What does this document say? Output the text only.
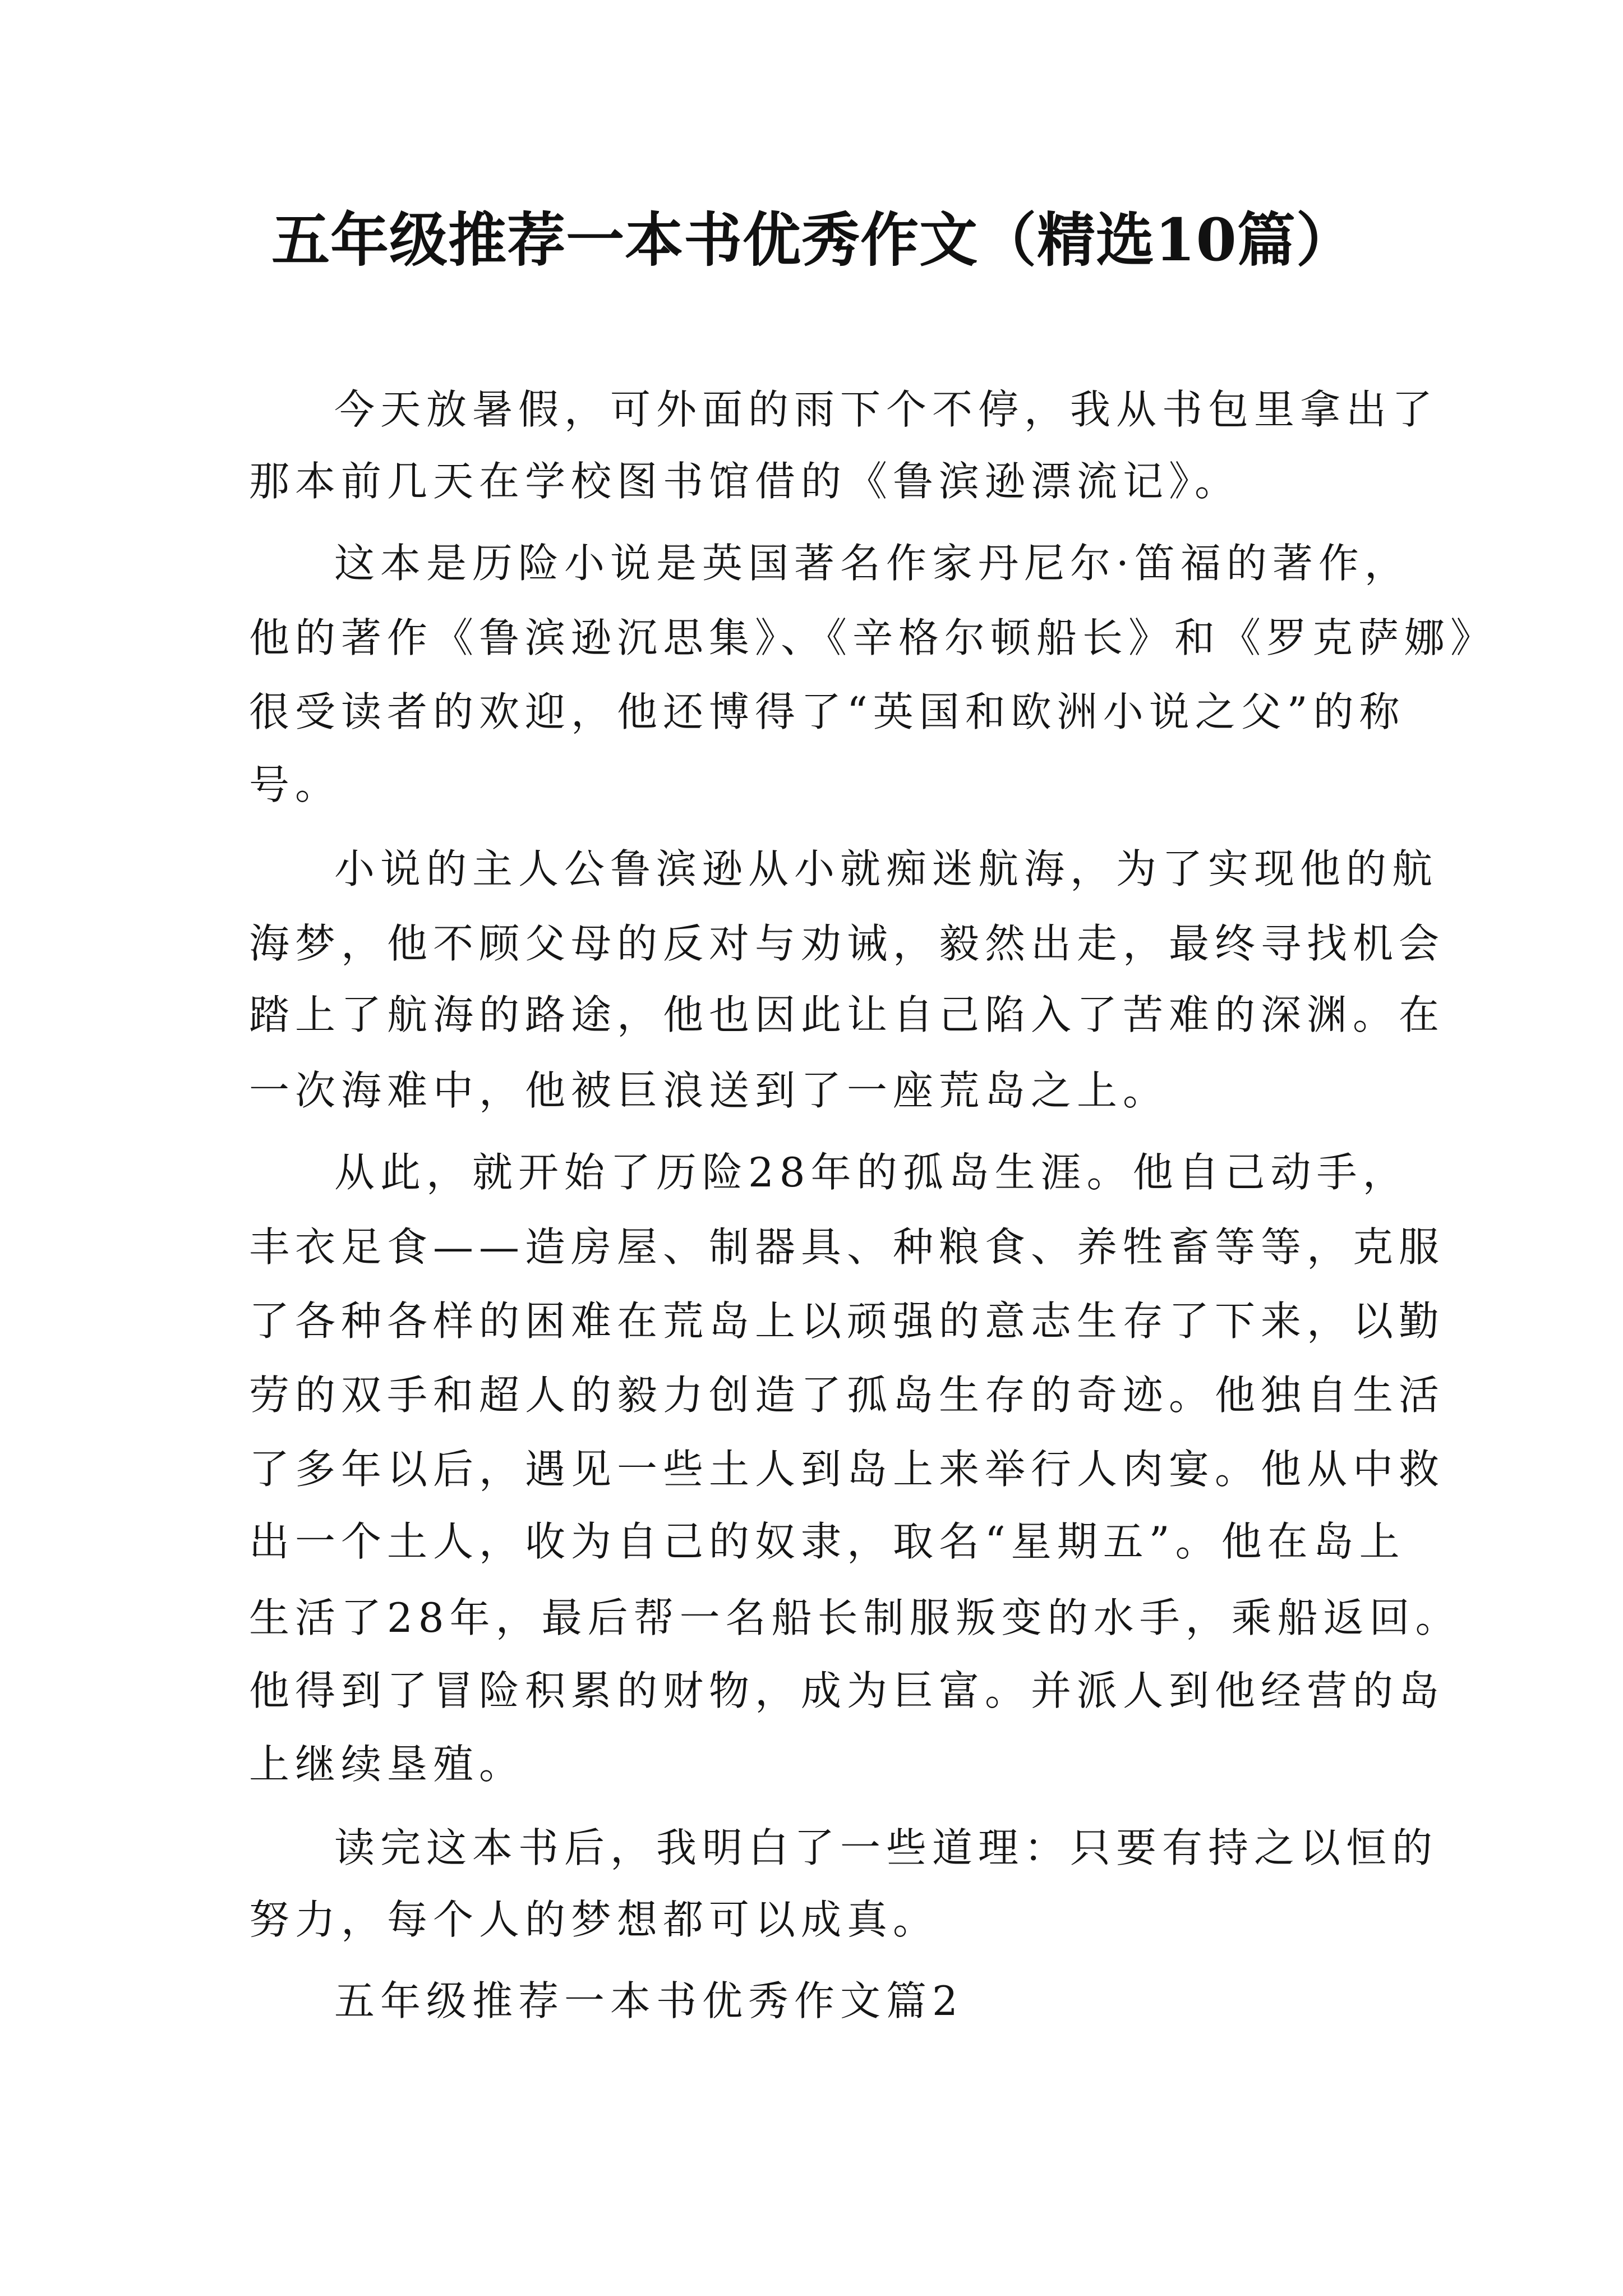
五年级推荐一本书优秀作文（精选10篇）

今天放暑假，可外面的雨下个不停，我从书包里拿出了

那本前几天在学校图书馆借的《鲁滨逊漂流记》。

这本是历险小说是英国著名作家丹尼尔·笛福的著作，

他的著作《鲁滨逊沉思集》、《辛格尔顿船长》和《罗克萨娜》

很受读者的欢迎，他还博得了“英国和欧洲小说之父”的称

号。

小说的主人公鲁滨逊从小就痴迷航海，为了实现他的航

海梦，他不顾父母的反对与劝诫，毅然出走，最终寻找机会

踏上了航海的路途，他也因此让自己陷入了苦难的深渊。在

一次海难中，他被巨浪送到了一座荒岛之上。

从此，就开始了历险28年的孤岛生涯。他自己动手，

丰衣足食——造房屋、制器具、种粮食、养牲畜等等，克服

了各种各样的困难在荒岛上以顽强的意志生存了下来，以勤

劳的双手和超人的毅力创造了孤岛生存的奇迹。他独自生活

了多年以后，遇见一些土人到岛上来举行人肉宴。他从中救

出一个土人，收为自己的奴隶，取名“星期五”。他在岛上

生活了28年，最后帮一名船长制服叛变的水手，乘船返回。

他得到了冒险积累的财物，成为巨富。并派人到他经营的岛

上继续垦殖。

读完这本书后，我明白了一些道理：只要有持之以恒的

努力，每个人的梦想都可以成真。

五年级推荐一本书优秀作文篇2
